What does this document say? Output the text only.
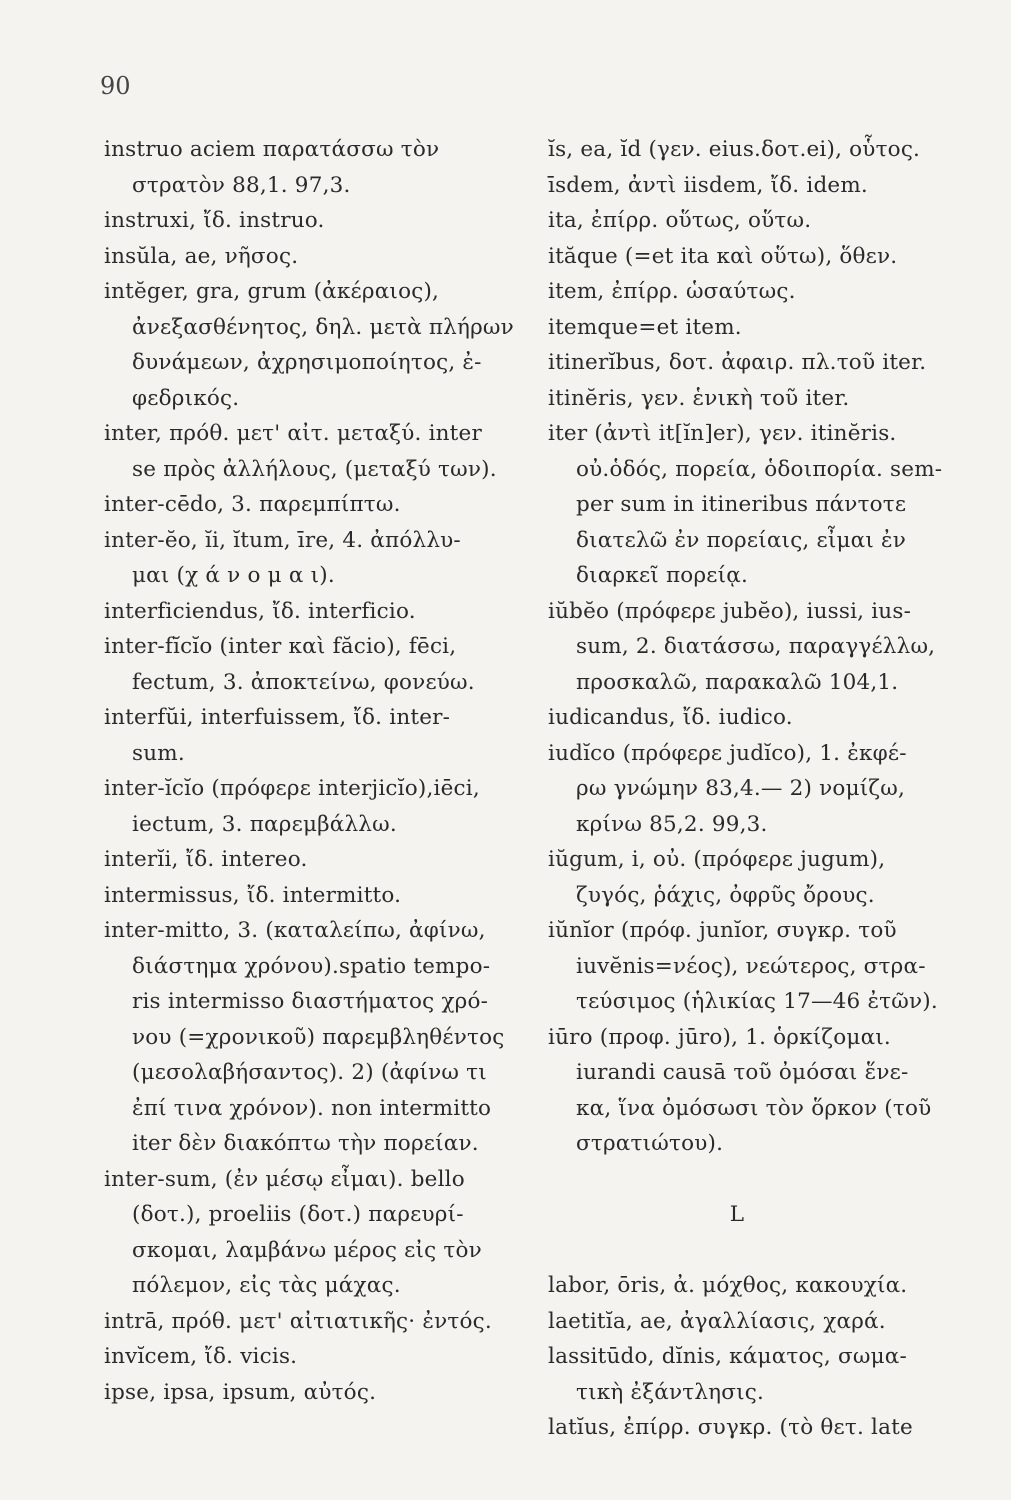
90
instruo aciem παρατάσσω τὸν
στρατὸν 88,1. 97,3.
instruxi, ἴδ. instruo.
insŭla, ae, νῆσος.
intĕger, gra, grum (ἀκέραιος),
ἀνεξασθένητος, δηλ. μετὰ πλήρων
δυνάμεων, ἀχρησιμοποίητος, ἐ-
φεδρικός.
inter, πρόθ. μετ' αἰτ. μεταξύ. inter
se πρὸς ἀλλήλους, (μεταξύ των).
inter-cēdo, 3. παρεμπίπτω.
inter-ĕo, ĭi, ĭtum, īre, 4. ἀπόλλυ-
μαι (χ ά ν ο μ α ι).
interficiendus, ἴδ. interficio.
inter-fĭcĭo (inter καὶ făcio), fēci,
fectum, 3. ἀποκτείνω, φονεύω.
interfŭi, interfuissem, ἴδ. inter-
sum.
inter-ĭcĭo (πρόφερε interjicĭo),iēci,
iectum, 3. παρεμβάλλω.
interĭi, ἴδ. intereo.
intermissus, ἴδ. intermitto.
inter-mitto, 3. (καταλείπω, ἀφίνω,
διάστημα χρόνου).spatio tempo-
ris intermisso διαστήματος χρό-
νου (=χρονικοῦ) παρεμβληθέντος
(μεσολαβήσαντος). 2) (ἀφίνω τι
ἐπί τινα χρόνον). non intermitto
iter δὲν διακόπτω τὴν πορείαν.
inter-sum, (ἐν μέσῳ εἶμαι). bello
(δοτ.), proeliis (δοτ.) παρευρί-
σκομαι, λαμβάνω μέρος εἰς τὸν
πόλεμον, εἰς τὰς μάχας.
intrā, πρόθ. μετ' αἰτιατικῆς· ἐντός.
invĭcem, ἴδ. vicis.
ipse, ipsa, ipsum, αὐτός.
ĭs, ea, ĭd (γεν. eius.δοτ.ei), οὗτος.
īsdem, ἀντὶ iisdem, ἴδ. idem.
ita, ἐπίρρ. οὕτως, οὕτω.
ităque (=et ita καὶ οὕτω), ὅθεν.
item, ἐπίρρ. ὡσαύτως.
itemque=et item.
itinerĭbus, δοτ. ἀφαιρ. πλ.τοῦ iter.
itinĕris, γεν. ἑνικὴ τοῦ iter.
iter (ἀντὶ it[ĭn]er), γεν. itinĕris.
οὐ.ὁδός, πορεία, ὁδοιπορία. sem-
per sum in itineribus πάντοτε
διατελῶ ἐν πορείαις, εἶμαι ἐν
διαρκεῖ πορείᾳ.
iŭbĕo (πρόφερε jubĕo), iussi, ius-
sum, 2. διατάσσω, παραγγέλλω,
προσκαλῶ, παρακαλῶ 104,1.
iudicandus, ἴδ. iudico.
iudĭco (πρόφερε judĭco), 1. ἐκφέ-
ρω γνώμην 83,4.— 2) νομίζω,
κρίνω 85,2. 99,3.
iŭgum, i, οὐ. (πρόφερε jugum),
ζυγός, ῥάχις, ὀφρῦς ὄρους.
iŭnĭor (πρόφ. junĭor, συγκρ. τοῦ
iuvĕnis=νέος), νεώτερος, στρα-
τεύσιμος (ἡλικίας 17—46 ἐτῶν).
iūro (προφ. jūro), 1. ὁρκίζομαι.
iurandi causā τοῦ ὀμόσαι ἕνε-
κα, ἵνα ὀμόσωσι τὸν ὅρκον (τοῦ
στρατιώτου).
L
labor, ōris, ἀ. μόχθος, κακουχία.
laetitĭa, ae, ἀγαλλίασις, χαρά.
lassitūdo, dĭnis, κάματος, σωμα-
τικὴ ἐξάντλησις.
latĭus, ἐπίρρ. συγκρ. (τὸ θετ. late
